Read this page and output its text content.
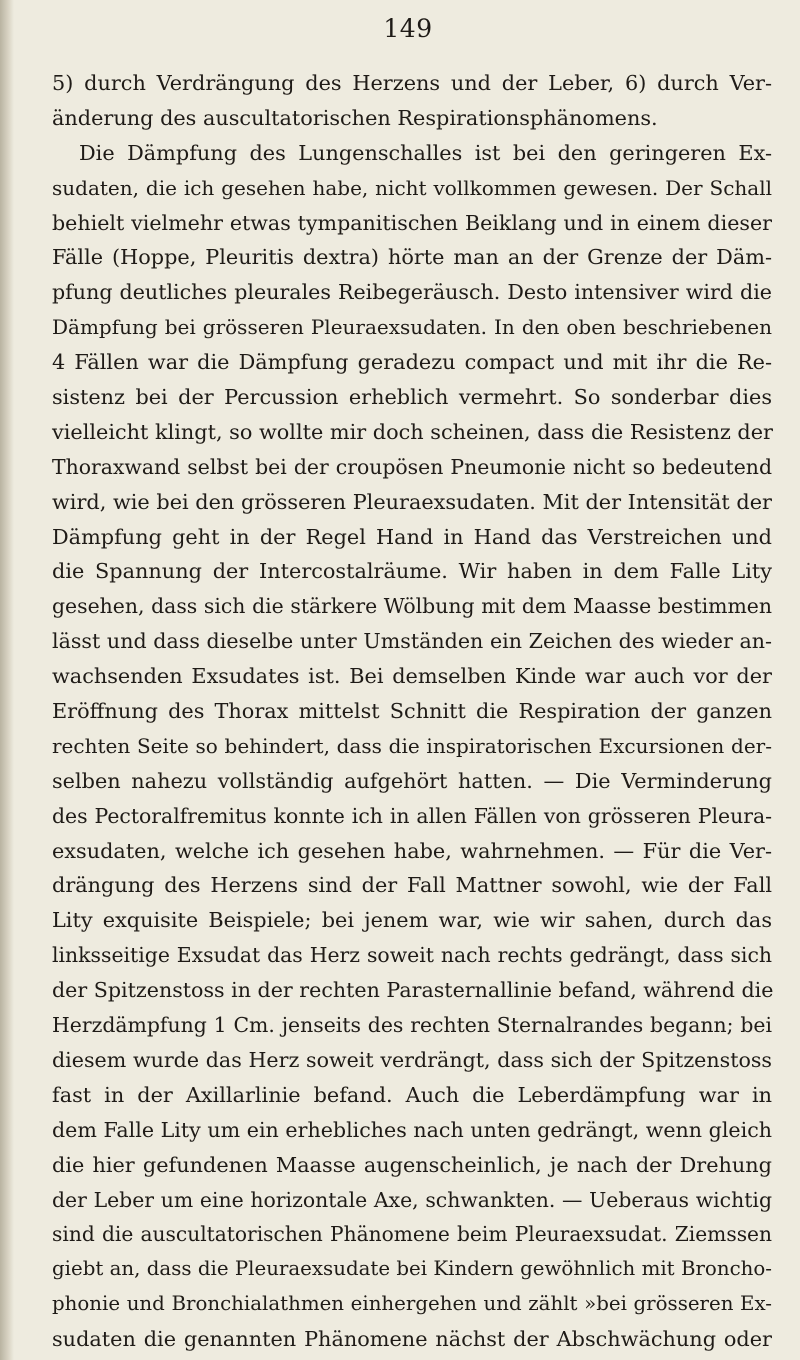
149
5) durch Verdrängung des Herzens und der Leber, 6) durch Ver-
änderung des auscultatorischen Respirationsphänomens.
Die Dämpfung des Lungenschalles ist bei den geringeren Ex-
sudaten, die ich gesehen habe, nicht vollkommen gewesen. Der Schall
behielt vielmehr etwas tympanitischen Beiklang und in einem dieser
Fälle (Hoppe, Pleuritis dextra) hörte man an der Grenze der Däm-
pfung deutliches pleurales Reibegeräusch. Desto intensiver wird die
Dämpfung bei grösseren Pleuraexsudaten. In den oben beschriebenen
4 Fällen war die Dämpfung geradezu compact und mit ihr die Re-
sistenz bei der Percussion erheblich vermehrt. So sonderbar dies
vielleicht klingt, so wollte mir doch scheinen, dass die Resistenz der
Thoraxwand selbst bei der croupösen Pneumonie nicht so bedeutend
wird, wie bei den grösseren Pleuraexsudaten. Mit der Intensität der
Dämpfung geht in der Regel Hand in Hand das Verstreichen und
die Spannung der Intercostalräume. Wir haben in dem Falle Lity
gesehen, dass sich die stärkere Wölbung mit dem Maasse bestimmen
lässt und dass dieselbe unter Umständen ein Zeichen des wieder an-
wachsenden Exsudates ist. Bei demselben Kinde war auch vor der
Eröffnung des Thorax mittelst Schnitt die Respiration der ganzen
rechten Seite so behindert, dass die inspiratorischen Excursionen der-
selben nahezu vollständig aufgehört hatten. — Die Verminderung
des Pectoralfremitus konnte ich in allen Fällen von grösseren Pleura-
exsudaten, welche ich gesehen habe, wahrnehmen. — Für die Ver-
drängung des Herzens sind der Fall Mattner sowohl, wie der Fall
Lity exquisite Beispiele; bei jenem war, wie wir sahen, durch das
linksseitige Exsudat das Herz soweit nach rechts gedrängt, dass sich
der Spitzenstoss in der rechten Parasternallinie befand, während die
Herzdämpfung 1 Cm. jenseits des rechten Sternalrandes begann; bei
diesem wurde das Herz soweit verdrängt, dass sich der Spitzenstoss
fast in der Axillarlinie befand. Auch die Leberdämpfung war in
dem Falle Lity um ein erhebliches nach unten gedrängt, wenn gleich
die hier gefundenen Maasse augenscheinlich, je nach der Drehung
der Leber um eine horizontale Axe, schwankten. — Ueberaus wichtig
sind die auscultatorischen Phänomene beim Pleuraexsudat. Ziemssen
giebt an, dass die Pleuraexsudate bei Kindern gewöhnlich mit Broncho-
phonie und Bronchialathmen einhergehen und zählt »bei grösseren Ex-
sudaten die genannten Phänomene nächst der Abschwächung oder
